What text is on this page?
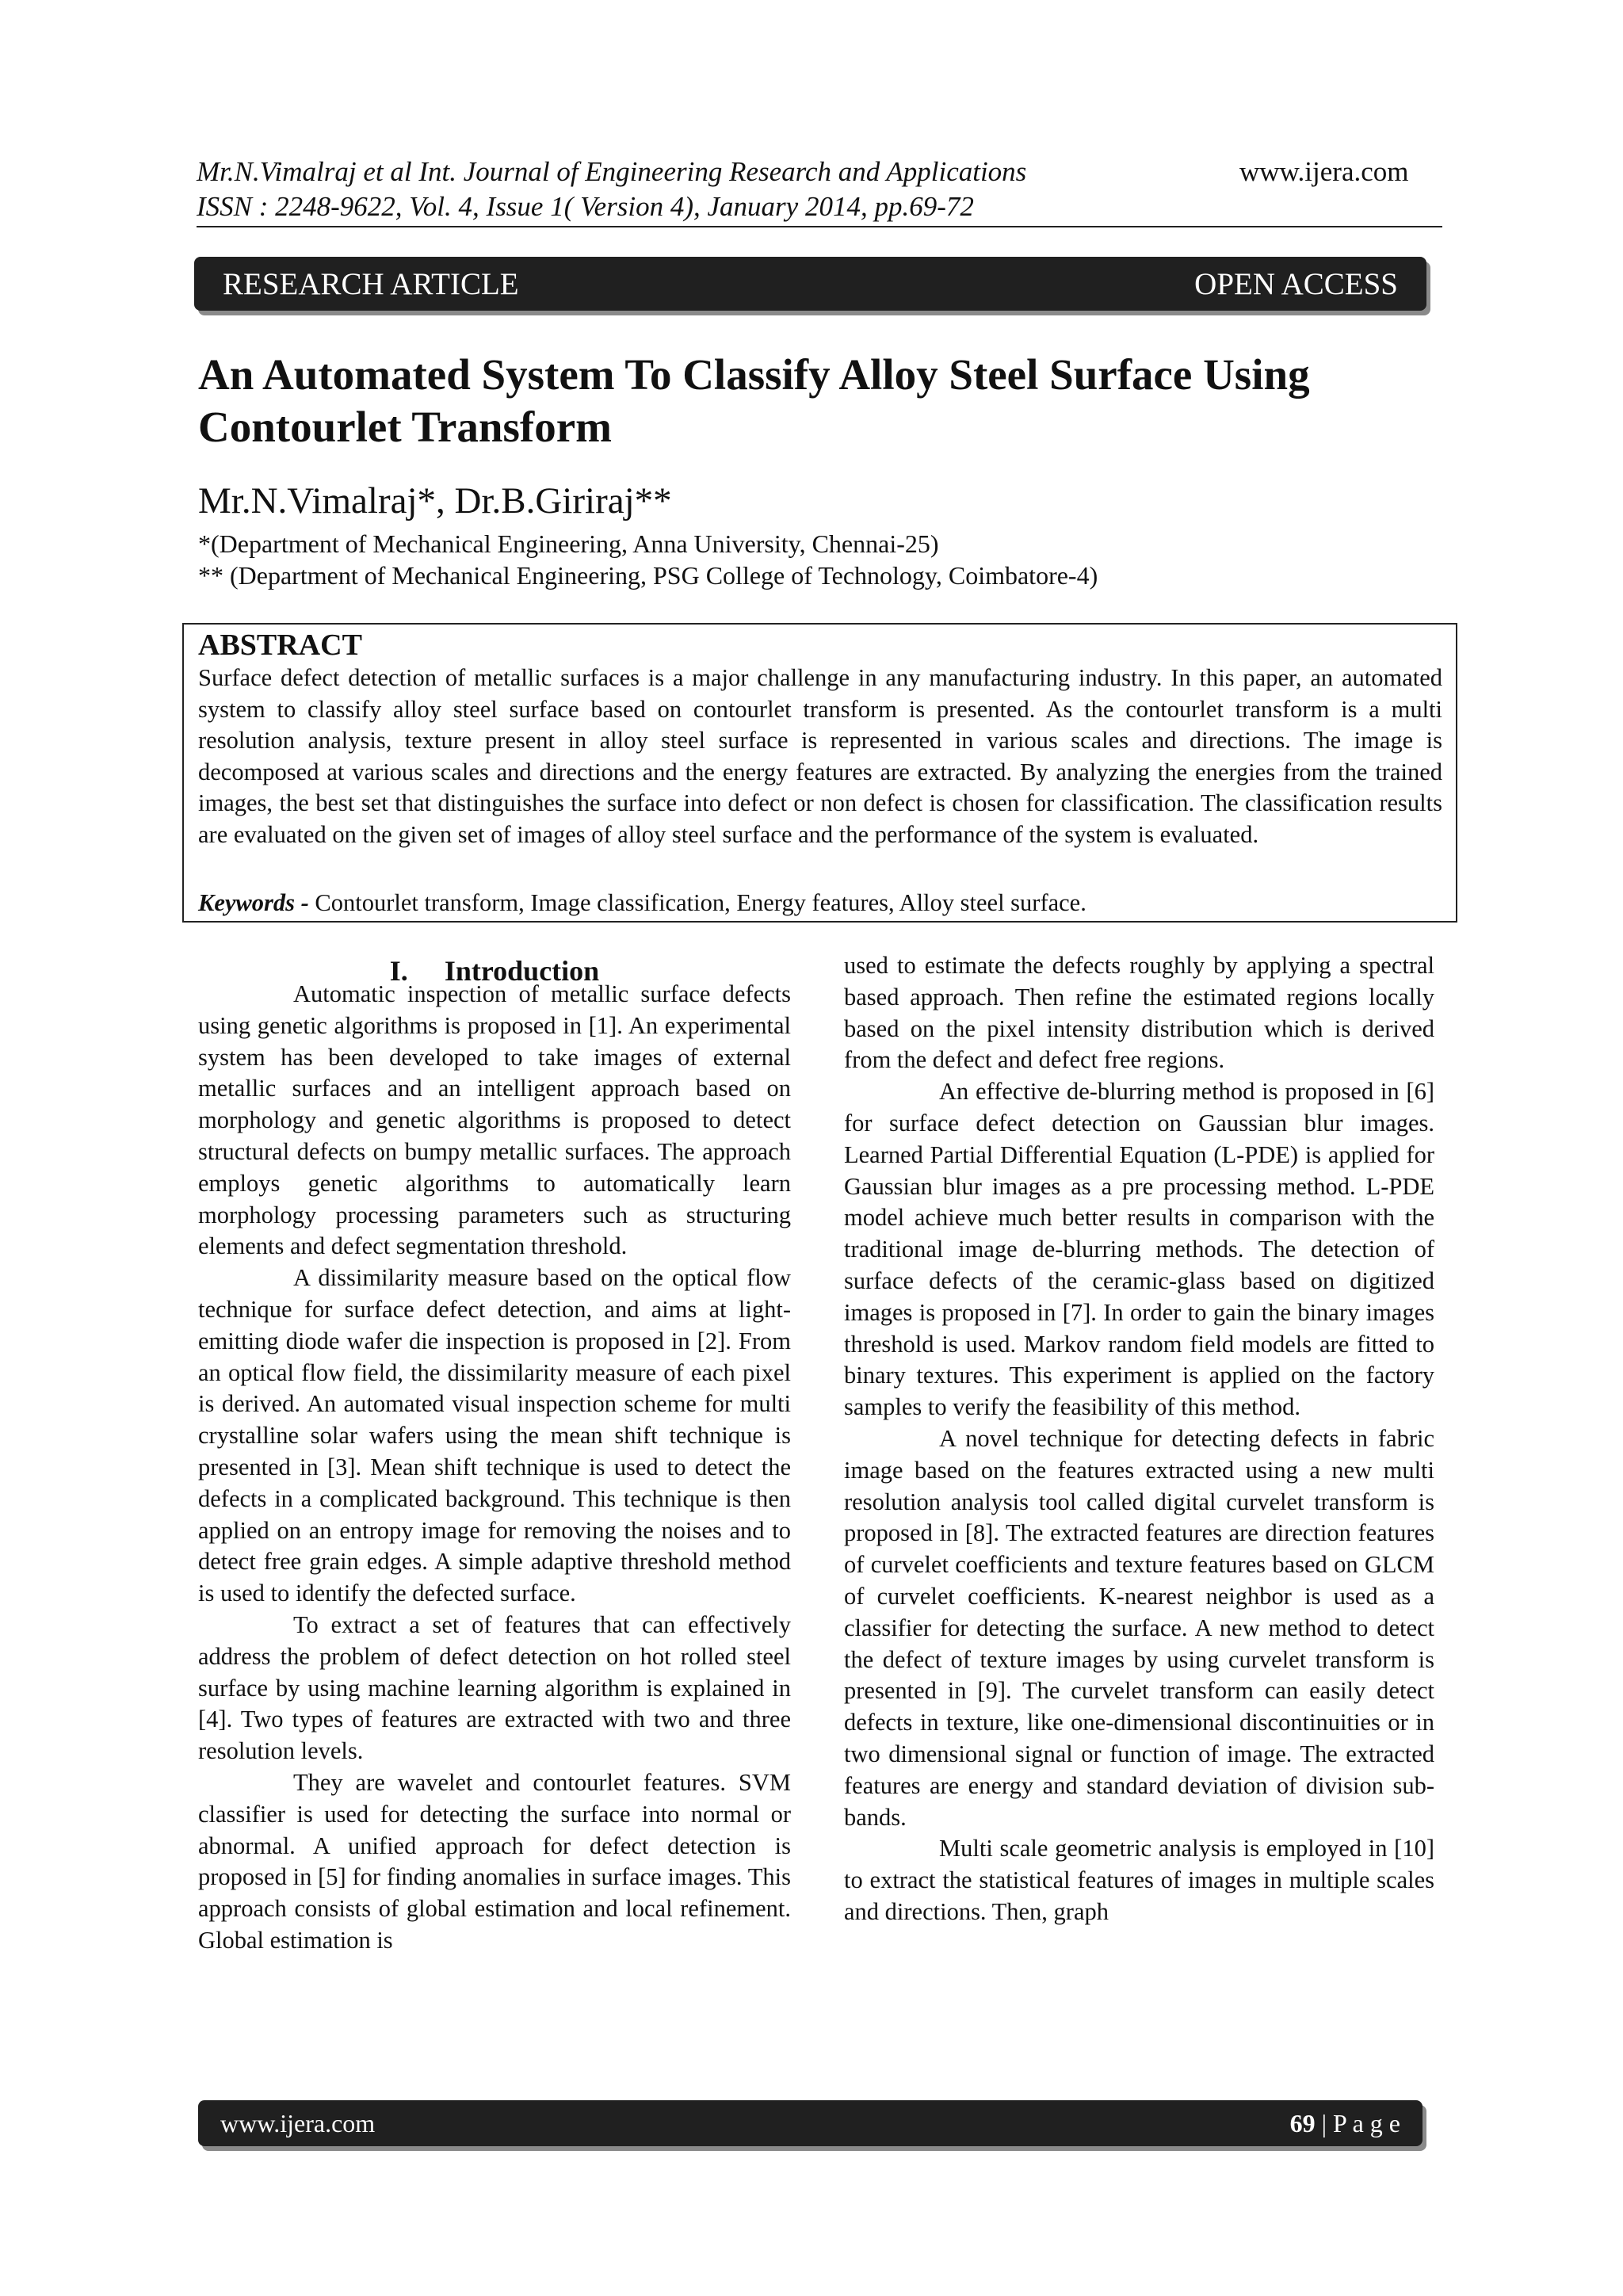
Mr.N.Vimalraj et al Int. Journal of Engineering Research and Applications
ISSN : 2248-9622, Vol. 4, Issue 1( Version 4), January 2014, pp.69-72
www.ijera.com
RESEARCH ARTICLE	OPEN ACCESS
An Automated System To Classify Alloy Steel Surface Using
Contourlet Transform
Mr.N.Vimalraj*, Dr.B.Giriraj**
*(Department of Mechanical Engineering, Anna University, Chennai-25)
** (Department of Mechanical Engineering, PSG College of Technology, Coimbatore-4)
ABSTRACT
Surface defect detection of metallic surfaces is a major challenge in any manufacturing industry. In this paper, an automated system to classify alloy steel surface based on contourlet transform is presented. As the contourlet transform is a multi resolution analysis, texture present in alloy steel surface is represented in various scales and directions. The image is decomposed at various scales and directions and the energy features are extracted. By analyzing the energies from the trained images, the best set that distinguishes the surface into defect or non defect is chosen for classification. The classification results are evaluated on the given set of images of alloy steel surface and the performance of the system is evaluated.
Keywords - Contourlet transform, Image classification, Energy features, Alloy steel surface.
I. Introduction

Automatic inspection of metallic surface defects using genetic algorithms is proposed in [1]. An experimental system has been developed to take images of external metallic surfaces and an intelligent approach based on morphology and genetic algorithms is proposed to detect structural defects on bumpy metallic surfaces. The approach employs genetic algorithms to automatically learn morphology processing parameters such as structuring elements and defect segmentation threshold.

A dissimilarity measure based on the optical flow technique for surface defect detection, and aims at light-emitting diode wafer die inspection is proposed in [2]. From an optical flow field, the dissimilarity measure of each pixel is derived. An automated visual inspection scheme for multi crystalline solar wafers using the mean shift technique is presented in [3]. Mean shift technique is used to detect the defects in a complicated background. This technique is then applied on an entropy image for removing the noises and to detect free grain edges. A simple adaptive threshold method is used to identify the defected surface.

To extract a set of features that can effectively address the problem of defect detection on hot rolled steel surface by using machine learning algorithm is explained in [4]. Two types of features are extracted with two and three resolution levels.

They are wavelet and contourlet features. SVM classifier is used for detecting the surface into normal or abnormal. A unified approach for defect detection is proposed in [5] for finding anomalies in surface images. This approach consists of global estimation and local refinement. Global estimation is

used to estimate the defects roughly by applying a spectral based approach. Then refine the estimated regions locally based on the pixel intensity distribution which is derived from the defect and defect free regions.

An effective de-blurring method is proposed in [6] for surface defect detection on Gaussian blur images. Learned Partial Differential Equation (L-PDE) is applied for Gaussian blur images as a pre processing method. L-PDE model achieve much better results in comparison with the traditional image de-blurring methods. The detection of surface defects of the ceramic-glass based on digitized images is proposed in [7]. In order to gain the binary images threshold is used. Markov random field models are fitted to binary textures. This experiment is applied on the factory samples to verify the feasibility of this method.

A novel technique for detecting defects in fabric image based on the features extracted using a new multi resolution analysis tool called digital curvelet transform is proposed in [8]. The extracted features are direction features of curvelet coefficients and texture features based on GLCM of curvelet coefficients. K-nearest neighbor is used as a classifier for detecting the surface. A new method to detect the defect of texture images by using curvelet transform is presented in [9]. The curvelet transform can easily detect defects in texture, like one-dimensional discontinuities or in two dimensional signal or function of image. The extracted features are energy and standard deviation of division sub-bands.

Multi scale geometric analysis is employed in [10] to extract the statistical features of images in multiple scales and directions. Then, graph

www.ijera.com	69 | P a g e
